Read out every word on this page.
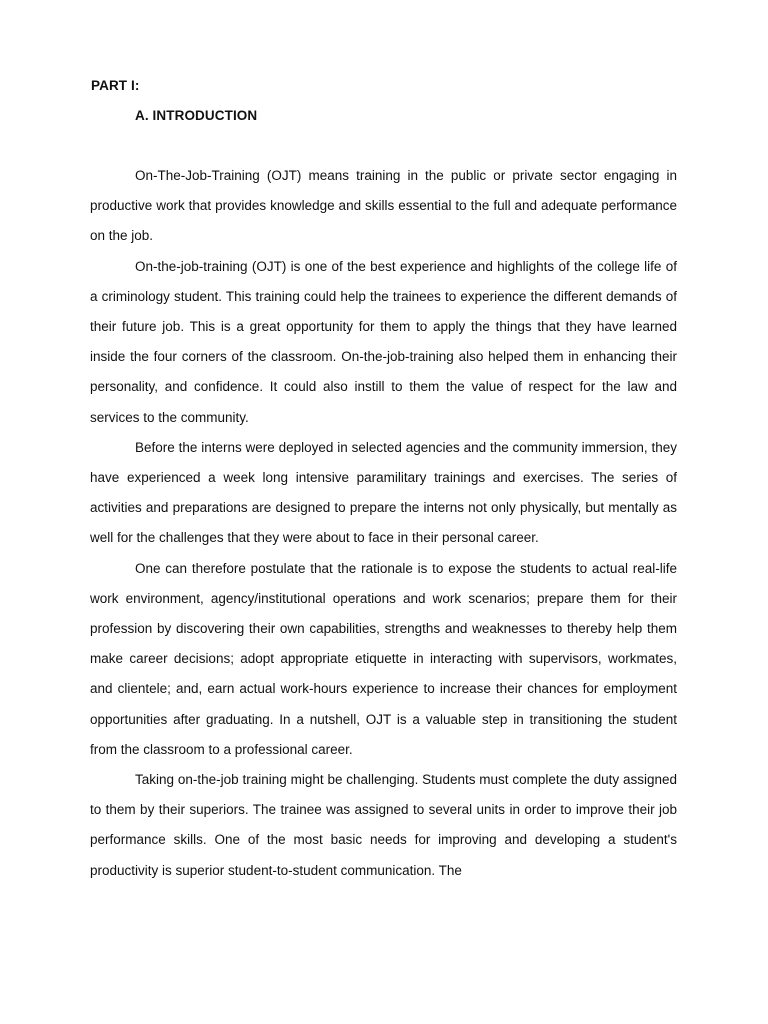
PART I:
A. INTRODUCTION

On-The-Job-Training (OJT) means training in the public or private sector engaging in productive work that provides knowledge and skills essential to the full and adequate performance on the job.

On-the-job-training (OJT) is one of the best experience and highlights of the college life of a criminology student. This training could help the trainees to experience the different demands of their future job. This is a great opportunity for them to apply the things that they have learned inside the four corners of the classroom. On-the-job-training also helped them in enhancing their personality, and confidence. It could also instill to them the value of respect for the law and services to the community.

Before the interns were deployed in selected agencies and the community immersion, they have experienced a week long intensive paramilitary trainings and exercises. The series of activities and preparations are designed to prepare the interns not only physically, but mentally as well for the challenges that they were about to face in their personal career.

One can therefore postulate that the rationale is to expose the students to actual real-life work environment, agency/institutional operations and work scenarios; prepare them for their profession by discovering their own capabilities, strengths and weaknesses to thereby help them make career decisions; adopt appropriate etiquette in interacting with supervisors, workmates, and clientele; and, earn actual work-hours experience to increase their chances for employment opportunities after graduating. In a nutshell, OJT is a valuable step in transitioning the student from the classroom to a professional career.

Taking on-the-job training might be challenging. Students must complete the duty assigned to them by their superiors. The trainee was assigned to several units in order to improve their job performance skills. One of the most basic needs for improving and developing a student's productivity is superior student-to-student communication. The
